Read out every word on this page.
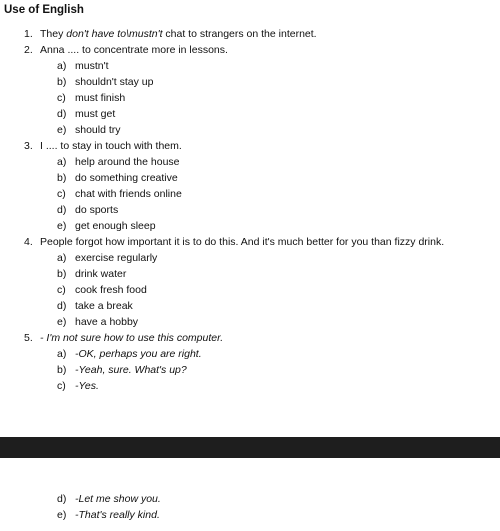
Use of English
1. They don't have to\mustn't chat to strangers on the internet.
2. Anna .... to concentrate more in lessons.
a) mustn't
b) shouldn't stay up
c) must finish
d) must get
e) should try
3. I .... to stay in touch with them.
a) help around the house
b) do something creative
c) chat with friends online
d) do sports
e) get enough sleep
4. People forgot how important it is to do this. And it's much better for you than fizzy drink.
a) exercise regularly
b) drink water
c) cook fresh food
d) take a break
e) have a hobby
5. - I'm not sure how to use this computer.
a) -OK, perhaps you are right.
b) -Yeah, sure. What's up?
c) -Yes.
d) -Let me show you.
e) -That's really kind.
